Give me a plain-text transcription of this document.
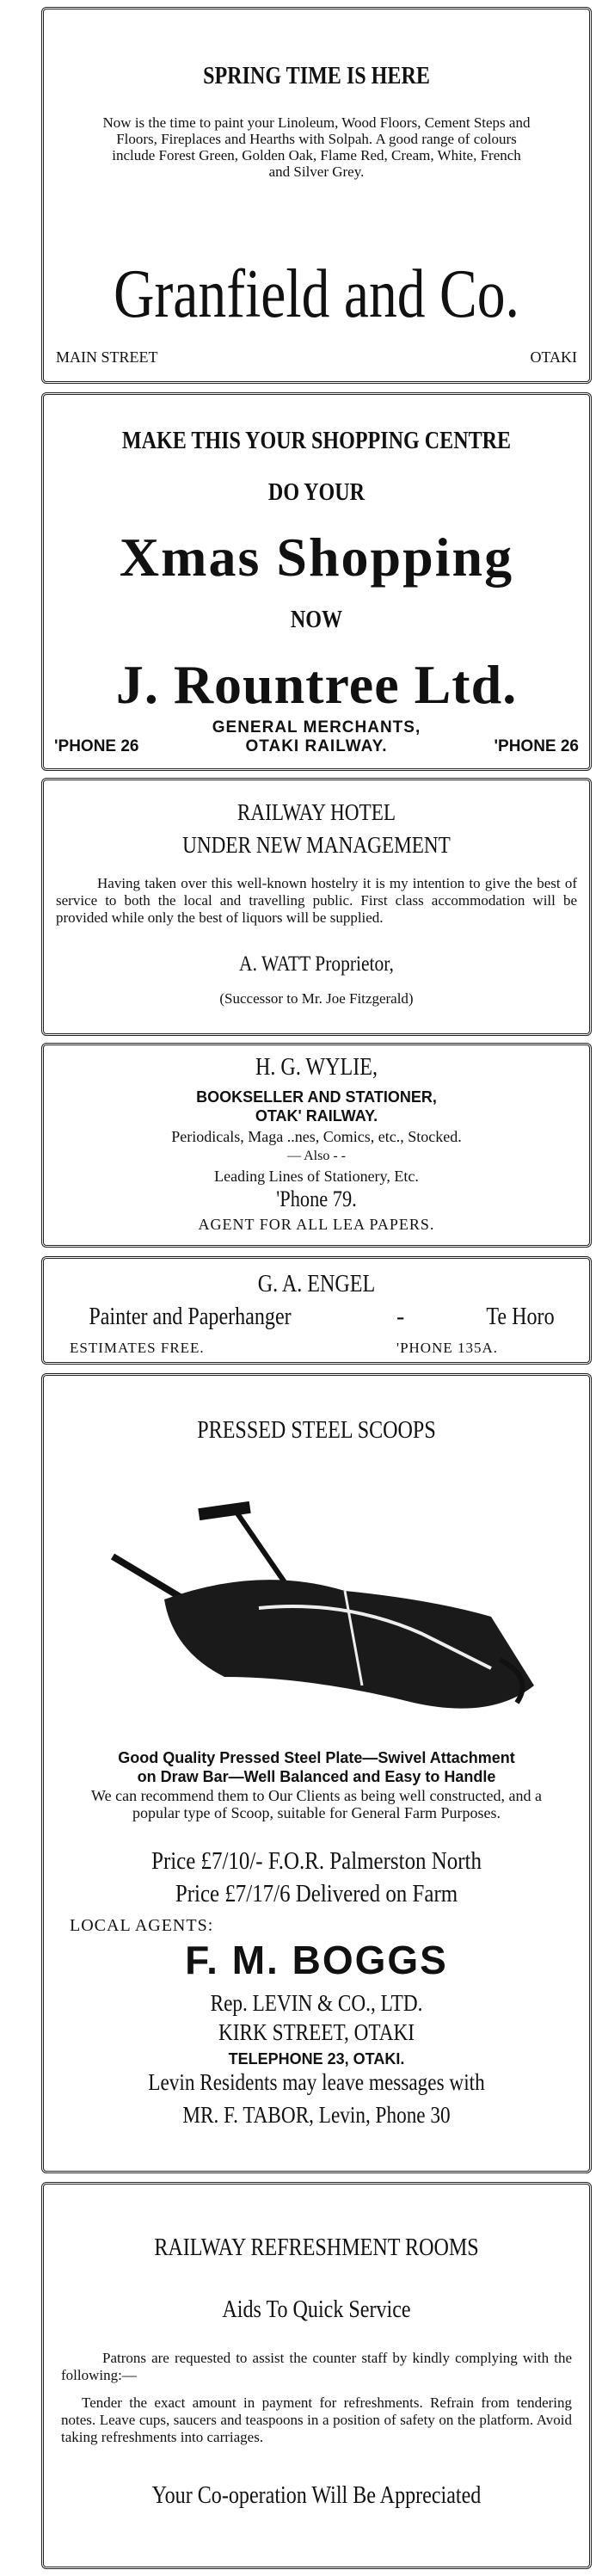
SPRING TIME IS HERE

Now is the time to paint your Linoleum, Wood Floors, Cement Steps and Floors, Fireplaces and Hearths with Solpah. A good range of colours include Forest Green, Golden Oak, Flame Red, Cream, White, French and Silver Grey.

Granfield and Co.
MAIN STREET	OTAKI
MAKE THIS YOUR SHOPPING CENTRE
DO YOUR
Xmas Shopping
NOW
J. Rountree Ltd.
'PHONE 26
GENERAL MERCHANTS,
OTAKI RAILWAY.	'PHONE 26
RAILWAY HOTEL
UNDER NEW MANAGEMENT

Having taken over this well-known hostelry it is my intention to give the best of service to both the local and travelling public. First class accommodation will be provided while only the best of liquors will be supplied.

A. WATT Proprietor,
(Successor to Mr. Joe Fitzgerald)
H. G. WYLIE,
BOOKSELLER AND STATIONER,
OTAK' RAILWAY.
Periodicals, Maga ..nes, Comics, etc., Stocked.
— Also - -
Leading Lines of Stationery, Etc.
'Phone 79.
AGENT FOR ALL LEA PAPERS.
G. A. ENGEL
Painter and Paperhanger	-	Te Horo
ESTIMATES FREE.	'PHONE 135A.
PRESSED STEEL SCOOPS
Good Quality Pressed Steel Plate—Swivel Attachment
on Draw Bar—Well Balanced and Easy to Handle

We can recommend them to Our Clients as being well constructed, and a popular type of Scoop, suitable for General Farm Purposes.

Price £7/10/- F.O.R. Palmerston North
Price £7/17/6 Delivered on Farm
LOCAL AGENTS:
F. M. BOGGS
Rep. LEVIN & CO., LTD.
KIRK STREET, OTAKI
TELEPHONE 23, OTAKI.
Levin Residents may leave messages with
MR. F. TABOR, Levin, Phone 30
RAILWAY REFRESHMENT ROOMS
Aids To Quick Service

Patrons are requested to assist the counter staff by kindly complying with the following:—

Tender the exact amount in payment for refreshments. Refrain from tendering notes. Leave cups, saucers and teaspoons in a position of safety on the platform. Avoid taking refreshments into carriages.

Your Co-operation Will Be Appreciated
